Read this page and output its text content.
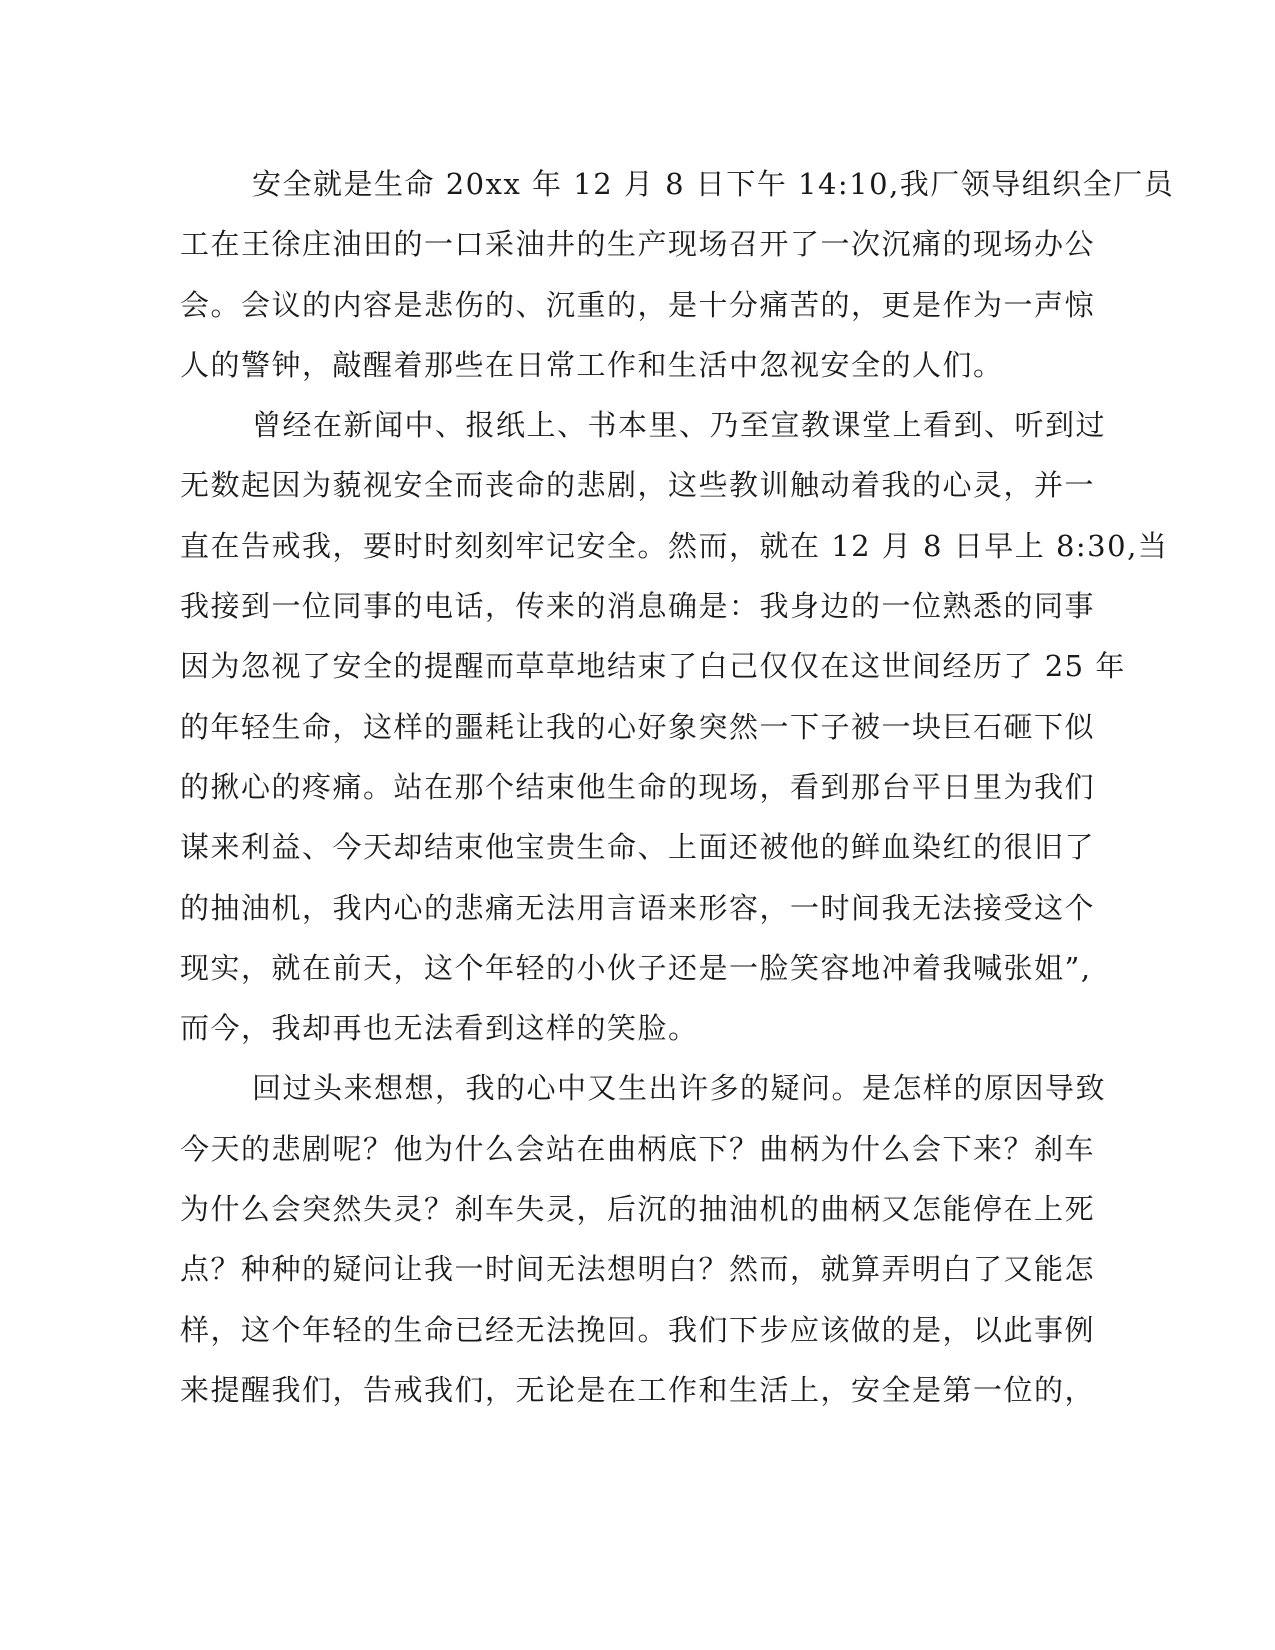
安全就是生命 20xx 年 12 月 8 日下午 14:10,我厂领导组织全厂员
工在王徐庄油田的一口采油井的生产现场召开了一次沉痛的现场办公
会。会议的内容是悲伤的、沉重的，是十分痛苦的，更是作为一声惊
人的警钟，敲醒着那些在日常工作和生活中忽视安全的人们。

曾经在新闻中、报纸上、书本里、乃至宣教课堂上看到、听到过
无数起因为藐视安全而丧命的悲剧，这些教训触动着我的心灵，并一
直在告戒我，要时时刻刻牢记安全。然而，就在 12 月 8 日早上 8:30,当
我接到一位同事的电话，传来的消息确是：我身边的一位熟悉的同事
因为忽视了安全的提醒而草草地结束了白己仅仅在这世间经历了 25 年
的年轻生命，这样的噩耗让我的心好象突然一下子被一块巨石砸下似
的揪心的疼痛。站在那个结束他生命的现场，看到那台平日里为我们
谋来利益、今天却结束他宝贵生命、上面还被他的鲜血染红的很旧了
的抽油机，我内心的悲痛无法用言语来形容，一时间我无法接受这个
现实，就在前天，这个年轻的小伙子还是一脸笑容地冲着我喊张姐”,
而今，我却再也无法看到这样的笑脸。

回过头来想想，我的心中又生出许多的疑问。是怎样的原因导致
今天的悲剧呢？他为什么会站在曲柄底下？曲柄为什么会下来？刹车
为什么会突然失灵？刹车失灵，后沉的抽油机的曲柄又怎能停在上死
点？种种的疑问让我一时间无法想明白？然而，就算弄明白了又能怎
样，这个年轻的生命已经无法挽回。我们下步应该做的是，以此事例
来提醒我们，告戒我们，无论是在工作和生活上，安全是第一位的，
